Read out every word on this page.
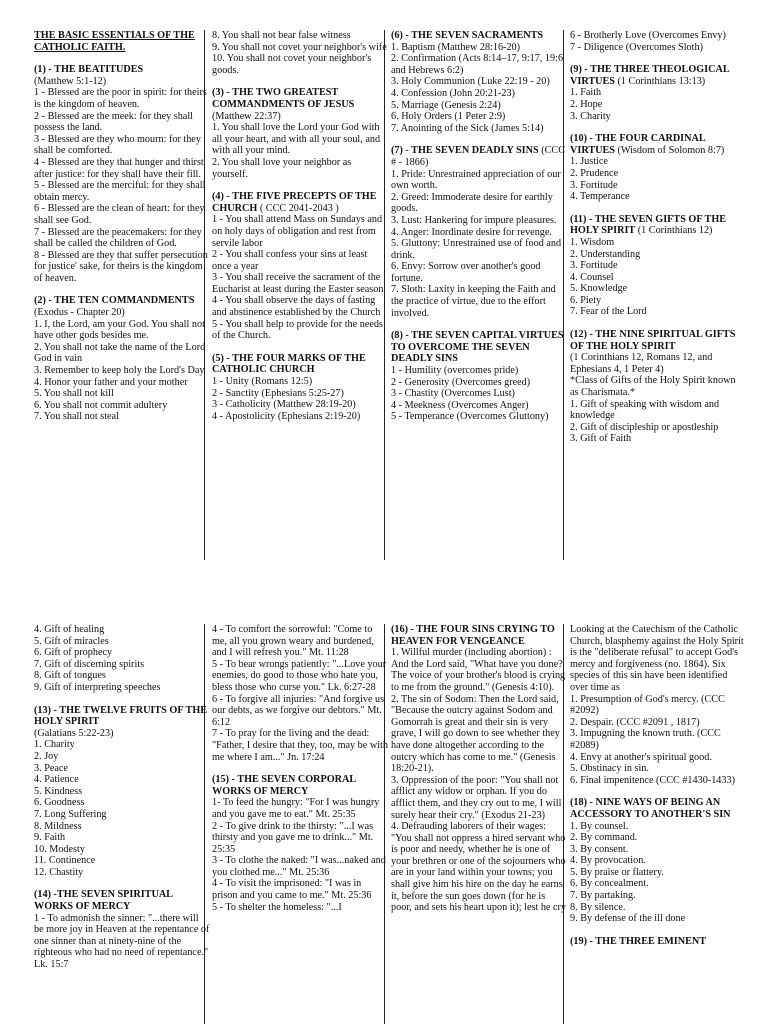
THE BASIC ESSENTIALS OF THE CATHOLIC FAITH.
(1) - THE BEATITUDES
(Matthew 5:1-12)
1 - Blessed are the poor in spirit: for theirs is the kingdom of heaven.
2 - Blessed are the meek: for they shall possess the land.
3 - Blessed are they who mourn: for they shall be comforted.
4 - Blessed are they that hunger and thirst after justice: for they shall have their fill.
5 - Blessed are the merciful: for they shall obtain mercy.
6 - Blessed are the clean of heart: for they shall see God.
7 - Blessed are the peacemakers: for they shall be called the children of God.
8 - Blessed are they that suffer persecution for justice' sake, for theirs is the kingdom of heaven.
(2) - THE TEN COMMANDMENTS (Exodus - Chapter 20)
1. I, the Lord, am your God. You shall not have other gods besides me.
2. You shall not take the name of the Lord God in vain
3. Remember to keep holy the Lord's Day
4. Honor your father and your mother
5. You shall not kill
6. You shall not commit adultery
7. You shall not steal
8. You shall not bear false witness
9. You shall not covet your neighbor's wife
10. You shall not covet your neighbor's goods.
(3) - THE TWO GREATEST COMMANDMENTS OF JESUS
(Matthew 22:37)
1. You shall love the Lord your God with all your heart, and with all your soul, and with all your mind.
2. You shall love your neighbor as yourself.
(4) - THE FIVE PRECEPTS OF THE CHURCH ( CCC 2041-2043 )
1 - You shall attend Mass on Sundays and on holy days of obligation and rest from servile labor
2 - You shall confess your sins at least once a year
3 - You shall receive the sacrament of the Eucharist at least during the Easter season
4 - You shall observe the days of fasting and abstinence established by the Church
5 - You shall help to provide for the needs of the Church.
(5) - THE FOUR MARKS OF THE CATHOLIC CHURCH
1 - Unity (Romans 12:5)
2 - Sanctity (Ephesians 5:25-27)
3 - Catholicity (Matthew 28:19-20)
4 - Apostolicity (Ephesians 2:19-20)
(6) - THE SEVEN SACRAMENTS
1. Baptism (Matthew 28:16-20)
2. Confirmation (Acts 8:14–17, 9:17, 19:6 and Hebrews 6:2)
3. Holy Communion (Luke 22:19 - 20)
4. Confession (John 20:21-23)
5. Marriage (Genesis 2:24)
6. Holy Orders (1 Peter 2:9)
7. Anointing of the Sick (James 5:14)
(7) - THE SEVEN DEADLY SINS (CCC # - 1866)
1. Pride: Unrestrained appreciation of our own worth.
2. Greed: Immoderate desire for earthly goods.
3. Lust: Hankering for impure pleasures.
4. Anger: Inordinate desire for revenge.
5. Gluttony: Unrestrained use of food and drink.
6. Envy: Sorrow over another's good fortune.
7. Sloth: Laxity in keeping the Faith and the practice of virtue, due to the effort involved.
(8) - THE SEVEN CAPITAL VIRTUES TO OVERCOME THE SEVEN DEADLY SINS
1 - Humility (overcomes pride)
2 - Generosity (Overcomes greed)
3 - Chastity (Overcomes Lust)
4 - Meekness (Overcomes Anger)
5 - Temperance (Overcomes Gluttony)
6 - Brotherly Love (Overcomes Envy)
7 - Diligence (Overcomes Sloth)
(9) - THE THREE THEOLOGICAL VIRTUES (1 Corinthians 13:13)
1. Faith
2. Hope
3. Charity
(10) - THE FOUR CARDINAL VIRTUES (Wisdom of Solomon 8:7)
1. Justice
2. Prudence
3. Fortitude
4. Temperance
(11) - THE SEVEN GIFTS OF THE HOLY SPIRIT (1 Corinthians 12)
1. Wisdom
2. Understanding
3. Fortitude
4. Counsel
5. Knowledge
6. Piety
7. Fear of the Lord
(12) - THE NINE SPIRITUAL GIFTS OF THE HOLY SPIRIT
(1 Corinthians 12, Romans 12, and Ephesians 4, 1 Peter 4)
*Class of Gifts of the Holy Spirit known as Charismata.*
1. Gift of speaking with wisdom and knowledge
2. Gift of discipleship or apostleship
3. Gift of Faith
4. Gift of healing
5. Gift of miracles
6. Gift of prophecy
7. Gift of discerning spirits
8. Gift of tongues
9. Gift of interpreting speeches
(13) - THE TWELVE FRUITS OF THE HOLY SPIRIT
(Galatians 5:22-23)
1. Charity
2. Joy
3. Peace
4. Patience
5. Kindness
6. Goodness
7. Long Suffering
8. Mildness
9. Faith
10. Modesty
11. Continence
12. Chastity
(14) -THE SEVEN SPIRITUAL WORKS OF MERCY
1 - To admonish the sinner: "...there will be more joy in Heaven at the repentance of one sinner than at ninety-nine of the righteous who had no need of repentance." Lk. 15:7
4 - To comfort the sorrowful: "Come to me, all you grown weary and burdened, and I will refresh you." Mt. 11:28
5 - To bear wrongs patiently: "...Love your enemies, do good to those who hate you, bless those who curse you." Lk. 6:27-28
6 - To forgive all injuries: "And forgive us our debts, as we forgive our debtors." Mt. 6:12
7 - To pray for the living and the dead: "Father, I desire that they, too, may be with me where I am..." Jn. 17:24
(15) - THE SEVEN CORPORAL WORKS OF MERCY
1- To feed the hungry: "For I was hungry and you gave me to eat." Mt. 25:35
2 - To give drink to the thirsty: "...I was thirsty and you gave me to drink..." Mt. 25:35
3 - To clothe the naked: "I was...naked and you clothed me..." Mt. 25:36
4 - To visit the imprisoned: "I was in prison and you came to me." Mt. 25:36
5 - To shelter the homeless: "...I
(16) - THE FOUR SINS CRYING TO HEAVEN FOR VENGEANCE
1. Willful murder (including abortion) : And the Lord said, "What have you done? The voice of your brother's blood is crying to me from the ground." (Genesis 4:10).
2. The sin of Sodom: Then the Lord said, "Because the outcry against Sodom and Gomorrah is great and their sin is very grave, I will go down to see whether they have done altogether according to the outcry which has come to me." (Genesis 18:20-21).
3. Oppression of the poor: "You shall not afflict any widow or orphan. If you do afflict them, and they cry out to me, I will surely hear their cry." (Exodus 21-23)
4. Defrauding laborers of their wages: "You shall not oppress a hired servant who is poor and needy, whether he is one of your brethren or one of the sojourners who are in your land within your towns; you shall give him his hire on the day he earns it, before the sun goes down (for he is poor, and sets his heart upon it); lest he cry
Looking at the Catechism of the Catholic Church, blasphemy against the Holy Spirit is the "deliberate refusal" to accept God's mercy and forgiveness (no. 1864). Six species of this sin have been identified over time as
1. Presumption of God's mercy. (CCC #2092)
2. Despair. (CCC #2091 , 1817)
3. Impugning the known truth. (CCC #2089)
4. Envy at another's spiritual good.
5. Obstinacy in sin.
6. Final impenitence (CCC #1430-1433)
(18) - NINE WAYS OF BEING AN ACCESSORY TO ANOTHER'S SIN
1. By counsel.
2. By command.
3. By consent.
4. By provocation.
5. By praise or flattery.
6. By concealment.
7. By partaking.
8. By silence.
9. By defense of the ill done
(19) - THE THREE EMINENT
